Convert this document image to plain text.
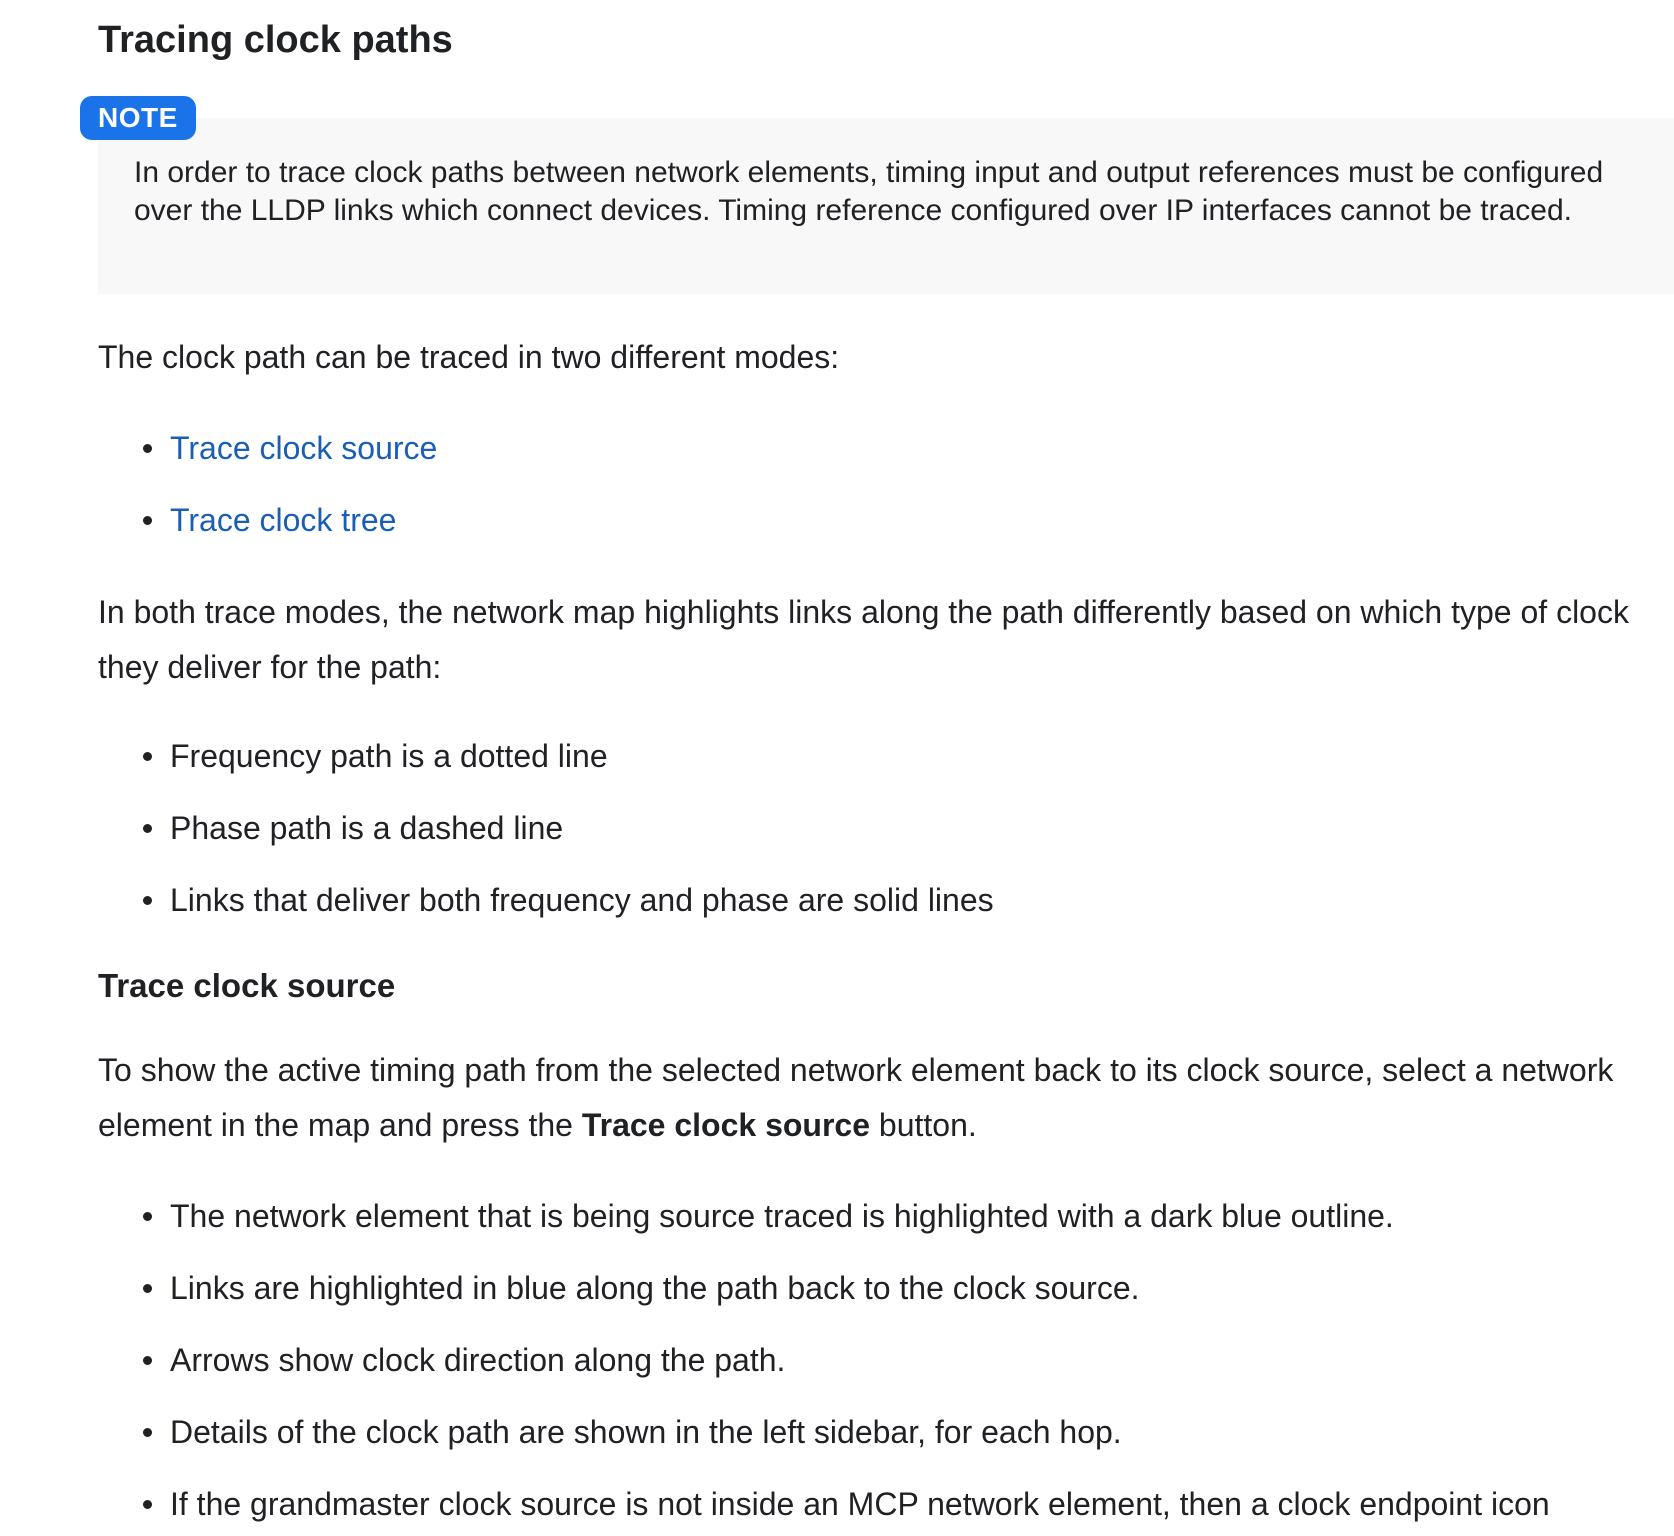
Tracing clock paths
NOTE

In order to trace clock paths between network elements, timing input and output references must be configured over the LLDP links which connect devices. Timing reference configured over IP interfaces cannot be traced.

The clock path can be traced in two different modes:

Trace clock source
Trace clock tree

In both trace modes, the network map highlights links along the path differently based on which type of clock they deliver for the path:

Frequency path is a dotted line
Phase path is a dashed line
Links that deliver both frequency and phase are solid lines
Trace clock source

To show the active timing path from the selected network element back to its clock source, select a network element in the map and press the Trace clock source button.

The network element that is being source traced is highlighted with a dark blue outline.
Links are highlighted in blue along the path back to the clock source.
Arrows show clock direction along the path.
Details of the clock path are shown in the left sidebar, for each hop.
If the grandmaster clock source is not inside an MCP network element, then a clock endpoint icon
